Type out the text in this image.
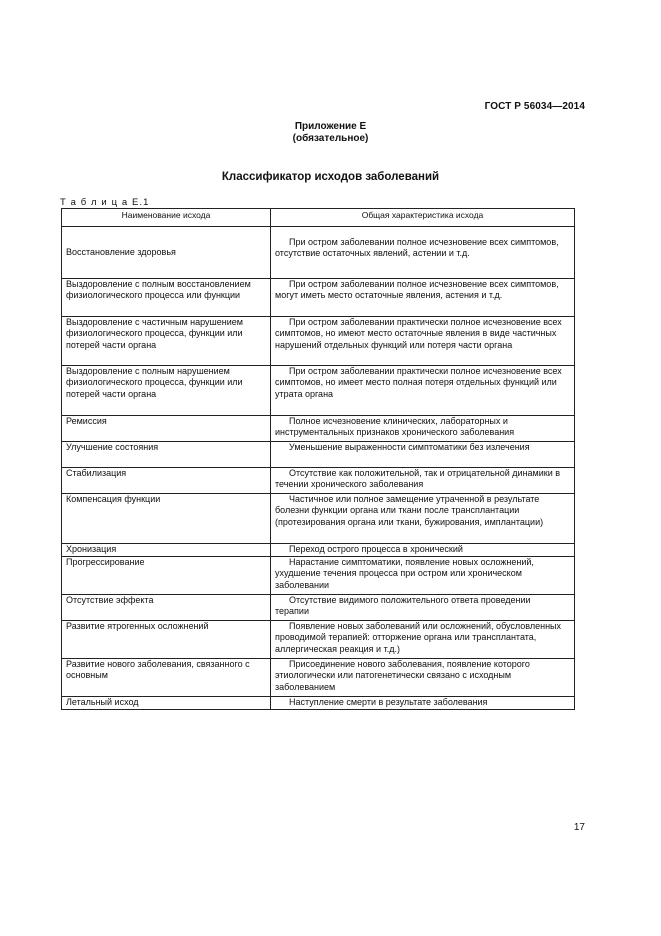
ГОСТ Р 56034—2014
Приложение Е
(обязательное)
Классификатор исходов заболеваний
Т а б л и ц а Е.1
Наименование исхода	Общая характеристика исхода
Восстановление здоровья	При остром заболевании полное исчезновение всех симптомов, отсутствие остаточных явлений, астении и т.д.
Выздоровление с полным восстановлением физиологического процесса или функции	При остром заболевании полное исчезновение всех симптомов, могут иметь место остаточные явления, астения и т.д.
Выздоровление с частичным нарушением физиологического процесса, функции или потерей части органа	При остром заболевании практически полное исчезновение всех симптомов, но имеют место остаточные явления в виде частичных нарушений отдельных функций или потеря части органа
Выздоровление с полным нарушением физиологического процесса, функции или потерей части органа	При остром заболевании практически полное исчезновение всех симптомов, но имеет место полная потеря отдельных функций или утрата органа
Ремиссия	Полное исчезновение клинических, лабораторных и инструментальных признаков хронического заболевания
Улучшение состояния	Уменьшение выраженности симптоматики без излечения
Стабилизация	Отсутствие как положительной, так и отрицательной динамики в течении хронического заболевания
Компенсация функции	Частичное или полное замещение утраченной в результате болезни функции органа или ткани после трансплантации (протезирования органа или ткани, бужирования, имплантации)
Хронизация	Переход острого процесса в хронический
Прогрессирование	Нарастание симптоматики, появление новых осложнений, ухудшение течения процесса при остром или хроническом заболевании
Отсутствие эффекта	Отсутствие видимого положительного ответа проведении терапии
Развитие ятрогенных осложнений	Появление новых заболеваний или осложнений, обусловленных проводимой терапией: отторжение органа или трансплантата, аллергическая реакция и т.д.)
Развитие нового заболевания, связанного с основным	Присоединение нового заболевания, появление которого этиологически или патогенетически связано с исходным заболеванием
Летальный исход	Наступление смерти в результате заболевания
17
